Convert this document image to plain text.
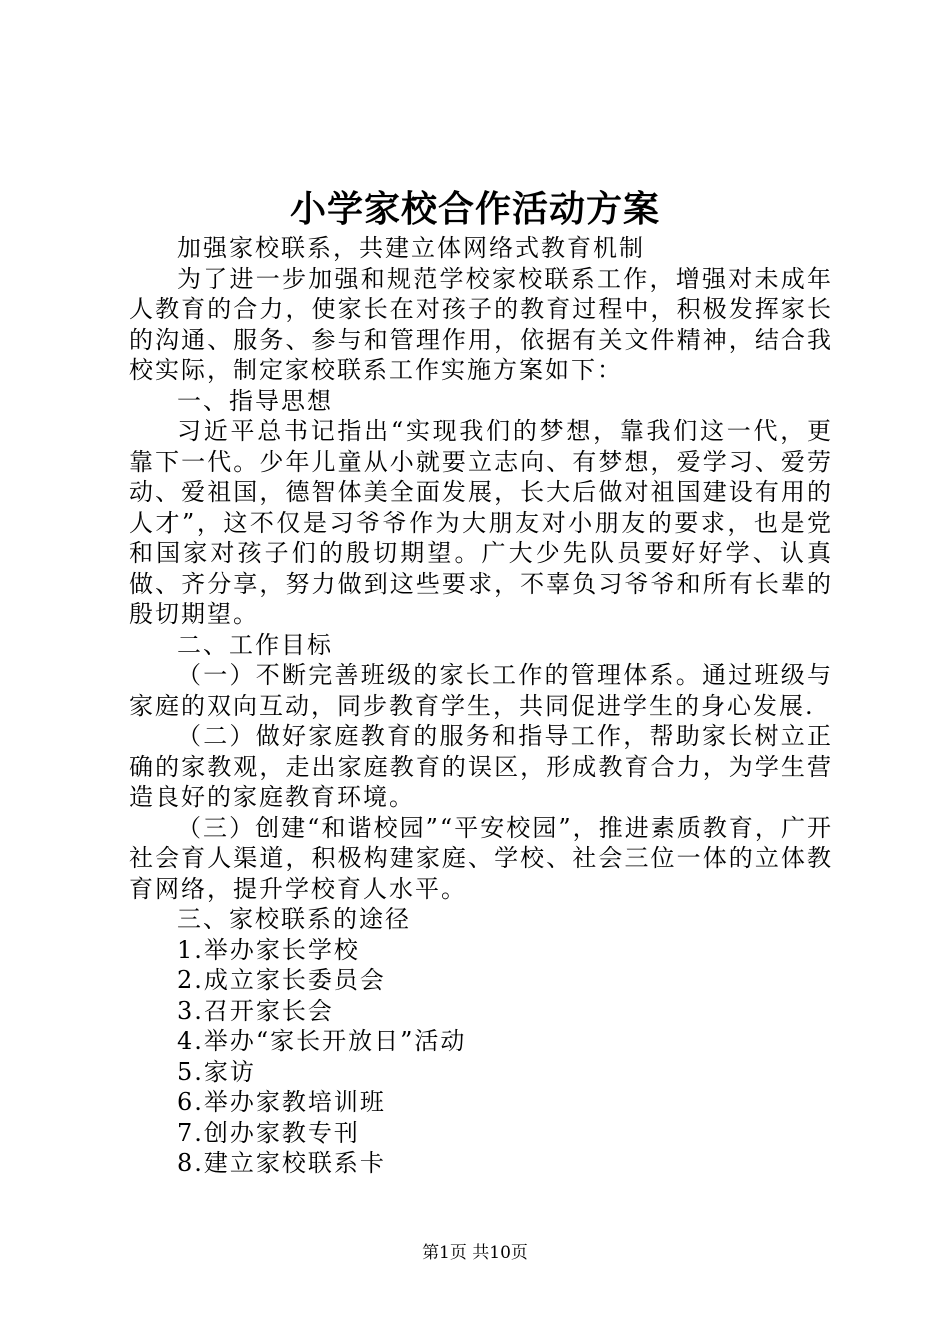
小学家校合作活动方案

加强家校联系，共建立体网络式教育机制

为了进一步加强和规范学校家校联系工作，增强对未成年人教育的合力，使家长在对孩子的教育过程中，积极发挥家长的沟通、服务、参与和管理作用，依据有关文件精神，结合我校实际，制定家校联系工作实施方案如下：

一、指导思想

习近平总书记指出“实现我们的梦想，靠我们这一代，更靠下一代。少年儿童从小就要立志向、有梦想，爱学习、爱劳动、爱祖国，德智体美全面发展，长大后做对祖国建设有用的人才”，这不仅是习爷爷作为大朋友对小朋友的要求，也是党和国家对孩子们的殷切期望。广大少先队员要好好学、认真做、齐分享，努力做到这些要求，不辜负习爷爷和所有长辈的殷切期望。

二、工作目标

（一）不断完善班级的家长工作的管理体系。通过班级与家庭的双向互动，同步教育学生，共同促进学生的身心发展.

（二）做好家庭教育的服务和指导工作，帮助家长树立正确的家教观，走出家庭教育的误区，形成教育合力，为学生营造良好的家庭教育环境。

（三）创建“和谐校园”“平安校园”，推进素质教育，广开社会育人渠道，积极构建家庭、学校、社会三位一体的立体教育网络，提升学校育人水平。

三、家校联系的途径

1.举办家长学校

2.成立家长委员会

3.召开家长会

4.举办“家长开放日”活动

5.家访

6.举办家教培训班

7.创办家教专刊

8.建立家校联系卡

第1页 共10页
